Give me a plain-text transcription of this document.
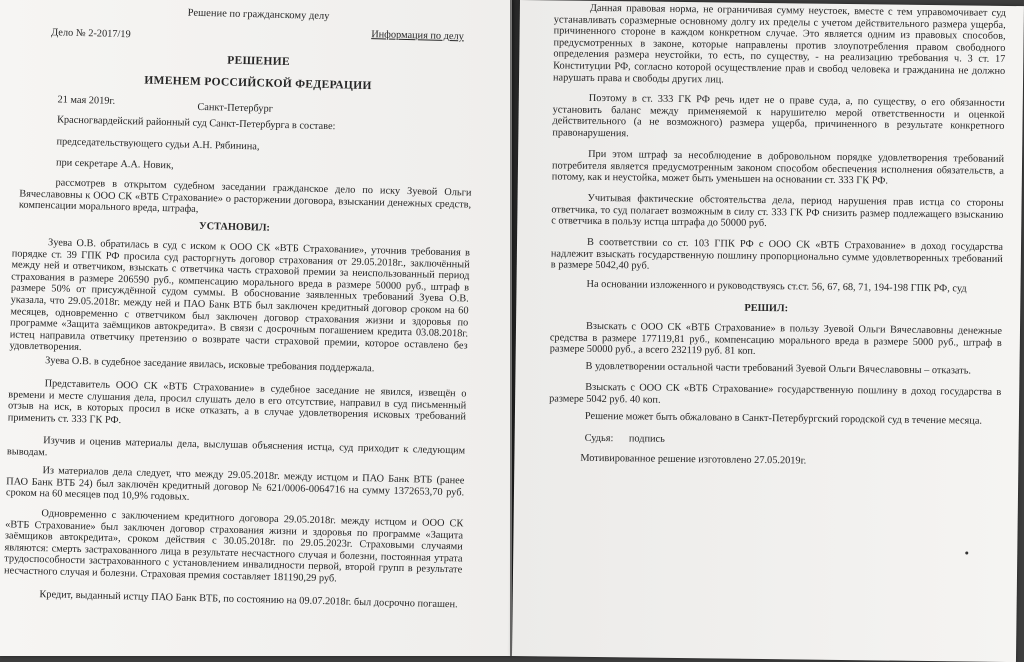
Решение по гражданскому делу

Дело № 2-2017/19	Информация по делу

РЕШЕНИЕ

ИМЕНЕМ РОССИЙСКОЙ ФЕДЕРАЦИИ

21 мая 2019г.

Санкт-Петербург

Красногвардейский районный суд Санкт-Петербурга в составе:

председательствующего судьи А.Н. Рябинина,

при секретаре А.А. Новик,

рассмотрев в открытом судебном заседании гражданское дело по иску Зуевой Ольги Вячеславовны к ООО СК «ВТБ Страхование» о расторжении договора, взыскании денежных средств, компенсации морального вреда, штрафа,

УСТАНОВИЛ:

Зуева О.В. обратилась в суд с иском к ООО СК «ВТБ Страхование», уточнив требования в порядке ст. 39 ГПК РФ просила суд расторгнуть договор страхования от 29.05.2018г., заключённый между ней и ответчиком, взыскать с ответчика часть страховой премии за неиспользованный период страхования в размере 206590 руб., компенсацию морального вреда в размере 50000 руб., штраф в размере 50% от присуждённой судом суммы. В обоснование заявленных требований Зуева О.В. указала, что 29.05.2018г. между ней и ПАО Банк ВТБ был заключен кредитный договор сроком на 60 месяцев, одновременно с ответчиком был заключен договор страхования жизни и здоровья по программе «Защита заёмщиков автокредита». В связи с досрочным погашением кредита 03.08.2018г. истец направила ответчику претензию о возврате части страховой премии, которое оставлено без удовлетворения.

Зуева О.В. в судебное заседание явилась, исковые требования поддержала.

Представитель ООО СК «ВТБ Страхование» в судебное заседание не явился, извещён о времени и месте слушания дела, просил слушать дело в его отсутствие, направил в суд письменный отзыв на иск, в которых просил в иске отказать, а в случае удовлетворения исковых требований применить ст. 333 ГК РФ.

Изучив и оценив материалы дела, выслушав объяснения истца, суд приходит к следующим выводам.

Из материалов дела следует, что между 29.05.2018г. между истцом и ПАО Банк ВТБ (ранее ПАО Банк ВТБ 24) был заключён кредитный договор № 621/0006-0064716 на сумму 1372653,70 руб. сроком на 60 месяцев под 10,9% годовых.

Одновременно с заключением кредитного договора 29.05.2018г. между истцом и ООО СК «ВТБ Страхование» был заключен договор страхования жизни и здоровья по программе «Защита заёмщиков автокредита», сроком действия с 30.05.2018г. по 29.05.2023г. Страховыми случаями являются: смерть застрахованного лица в результате несчастного случая и болезни, постоянная утрата трудоспособности застрахованного с установлением инвалидности первой, второй групп в результате несчастного случая и болезни. Страховая премия составляет 181190,29 руб.

Кредит, выданный истцу ПАО Банк ВТБ, по состоянию на 09.07.2018г. был досрочно погашен.

Данная правовая норма, не ограничивая сумму неустоек, вместе с тем управомочивает суд устанавливать соразмерные основному долгу их пределы с учетом действительного размера ущерба, причиненного стороне в каждом конкретном случае. Это является одним из правовых способов, предусмотренных в законе, которые направлены против злоупотребления правом свободного определения размера неустойки, то есть, по существу, - на реализацию требования ч. 3 ст. 17 Конституции РФ, согласно которой осуществление прав и свобод человека и гражданина не должно нарушать права и свободы других лиц.

Поэтому в ст. 333 ГК РФ речь идет не о праве суда, а, по существу, о его обязанности установить баланс между применяемой к нарушителю мерой ответственности и оценкой действительного (а не возможного) размера ущерба, причиненного в результате конкретного правонарушения.

При этом штраф за несоблюдение в добровольном порядке удовлетворения требований потребителя является предусмотренным законом способом обеспечения исполнения обязательств, а потому, как и неустойка, может быть уменьшен на основании ст. 333 ГК РФ.

Учитывая фактические обстоятельства дела, период нарушения прав истца со стороны ответчика, то суд полагает возможным в силу ст. 333 ГК РФ снизить размер подлежащего взысканию с ответчика в пользу истца штрафа до 50000 руб.

В соответствии со ст. 103 ГПК РФ с ООО СК «ВТБ Страхование» в доход государства надлежит взыскать государственную пошлину пропорционально сумме удовлетворенных требований в размере 5042,40 руб.

На основании изложенного и руководствуясь ст.ст. 56, 67, 68, 71, 194-198 ГПК РФ, суд

РЕШИЛ:

Взыскать с ООО СК «ВТБ Страхование» в пользу Зуевой Ольги Вячеславовны денежные средства в размере 177119,81 руб., компенсацию морального вреда в размере 5000 руб., штраф в размере 50000 руб., а всего 232119 руб. 81 коп.

В удовлетворении остальной части требований Зуевой Ольги Вячеславовны – отказать.

Взыскать с ООО СК «ВТБ Страхование» государственную пошлину в доход государства в размере 5042 руб. 40 коп.

Решение может быть обжаловано в Санкт-Петербургский городской суд в течение месяца.

Судья:      подпись

Мотивированное решение изготовлено 27.05.2019г.
